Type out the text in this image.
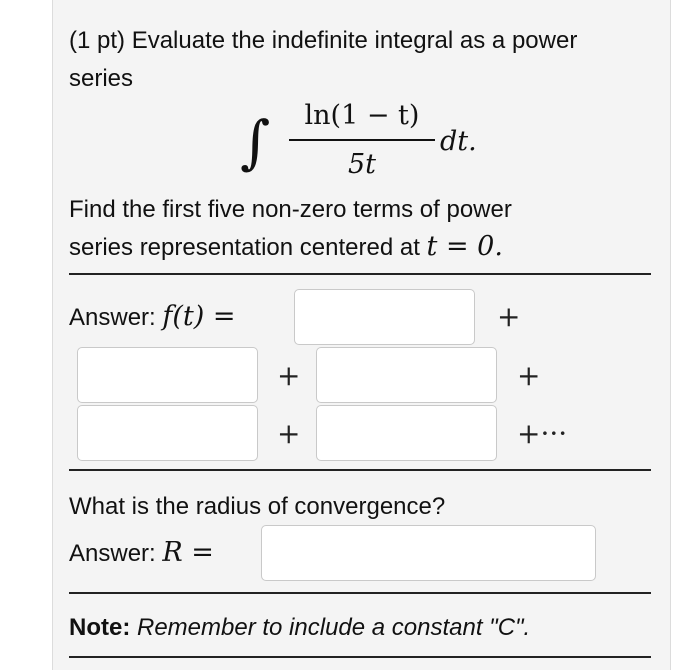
(1 pt) Evaluate the indefinite integral as a power
series
∫	ln(1 − t)
5t
dt.
Find the first five non-zero terms of power
series representation centered at t = 0.
Answer: f(t) =	+
+	+
+	+···
What is the radius of convergence?
Answer: R =
Note: Remember to include a constant "C".
